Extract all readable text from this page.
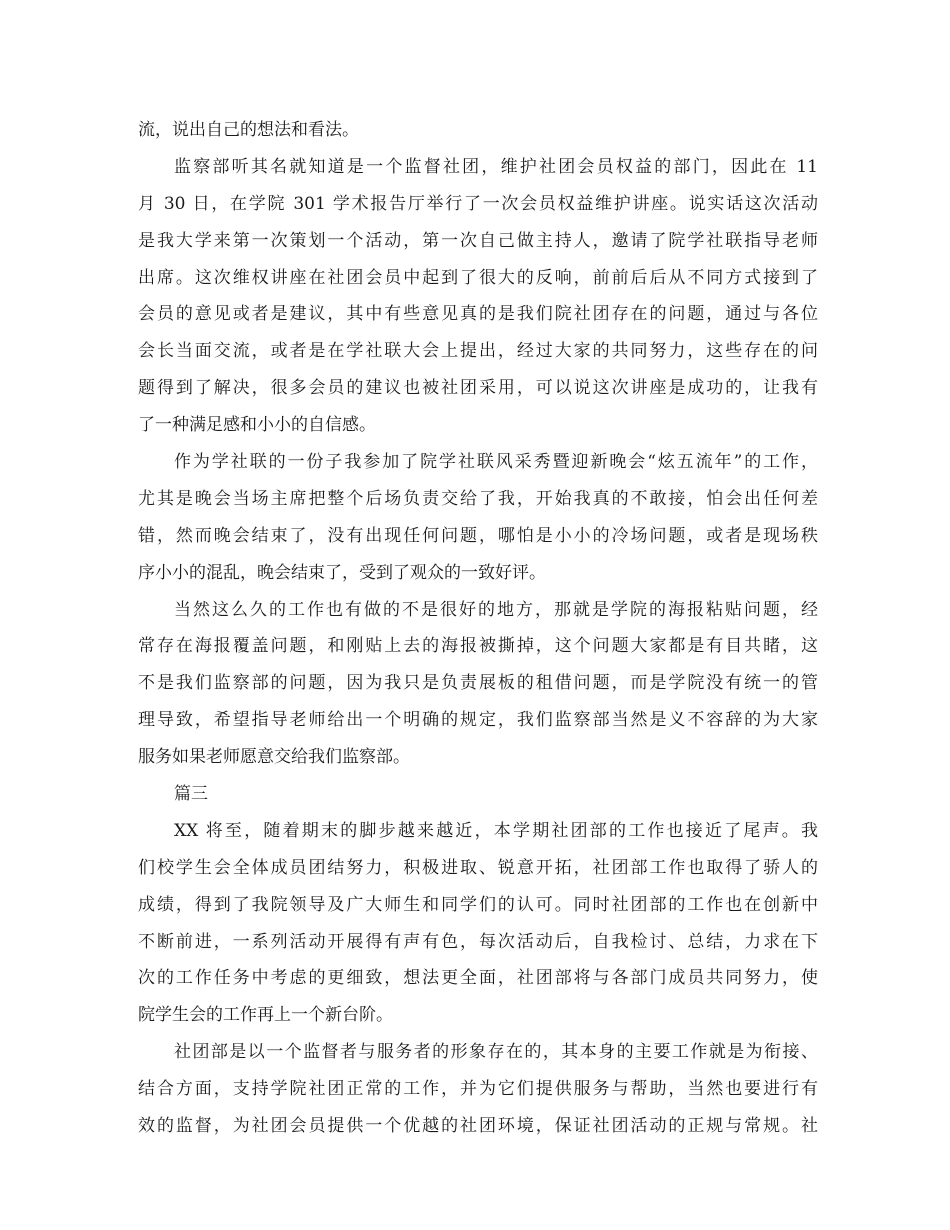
流，说出自己的想法和看法。
监察部听其名就知道是一个监督社团，维护社团会员权益的部门，因此在 11
月 30 日，在学院 301 学术报告厅举行了一次会员权益维护讲座。说实话这次活动
是我大学来第一次策划一个活动，第一次自己做主持人，邀请了院学社联指导老师
出席。这次维权讲座在社团会员中起到了很大的反响，前前后后从不同方式接到了
会员的意见或者是建议，其中有些意见真的是我们院社团存在的问题，通过与各位
会长当面交流，或者是在学社联大会上提出，经过大家的共同努力，这些存在的问
题得到了解决，很多会员的建议也被社团采用，可以说这次讲座是成功的，让我有
了一种满足感和小小的自信感。
作为学社联的一份子我参加了院学社联风采秀暨迎新晚会“炫五流年”的工作，
尤其是晚会当场主席把整个后场负责交给了我，开始我真的不敢接，怕会出任何差
错，然而晚会结束了，没有出现任何问题，哪怕是小小的冷场问题，或者是现场秩
序小小的混乱，晚会结束了，受到了观众的一致好评。
当然这么久的工作也有做的不是很好的地方，那就是学院的海报粘贴问题，经
常存在海报覆盖问题，和刚贴上去的海报被撕掉，这个问题大家都是有目共睹，这
不是我们监察部的问题，因为我只是负责展板的租借问题，而是学院没有统一的管
理导致，希望指导老师给出一个明确的规定，我们监察部当然是义不容辞的为大家
服务如果老师愿意交给我们监察部。
篇三
XX 将至，随着期末的脚步越来越近，本学期社团部的工作也接近了尾声。我
们校学生会全体成员团结努力，积极进取、锐意开拓，社团部工作也取得了骄人的
成绩，得到了我院领导及广大师生和同学们的认可。同时社团部的工作也在创新中
不断前进，一系列活动开展得有声有色，每次活动后，自我检讨、总结，力求在下
次的工作任务中考虑的更细致，想法更全面，社团部将与各部门成员共同努力，使
院学生会的工作再上一个新台阶。
社团部是以一个监督者与服务者的形象存在的，其本身的主要工作就是为衔接、
结合方面，支持学院社团正常的工作，并为它们提供服务与帮助，当然也要进行有
效的监督，为社团会员提供一个优越的社团环境，保证社团活动的正规与常规。社
